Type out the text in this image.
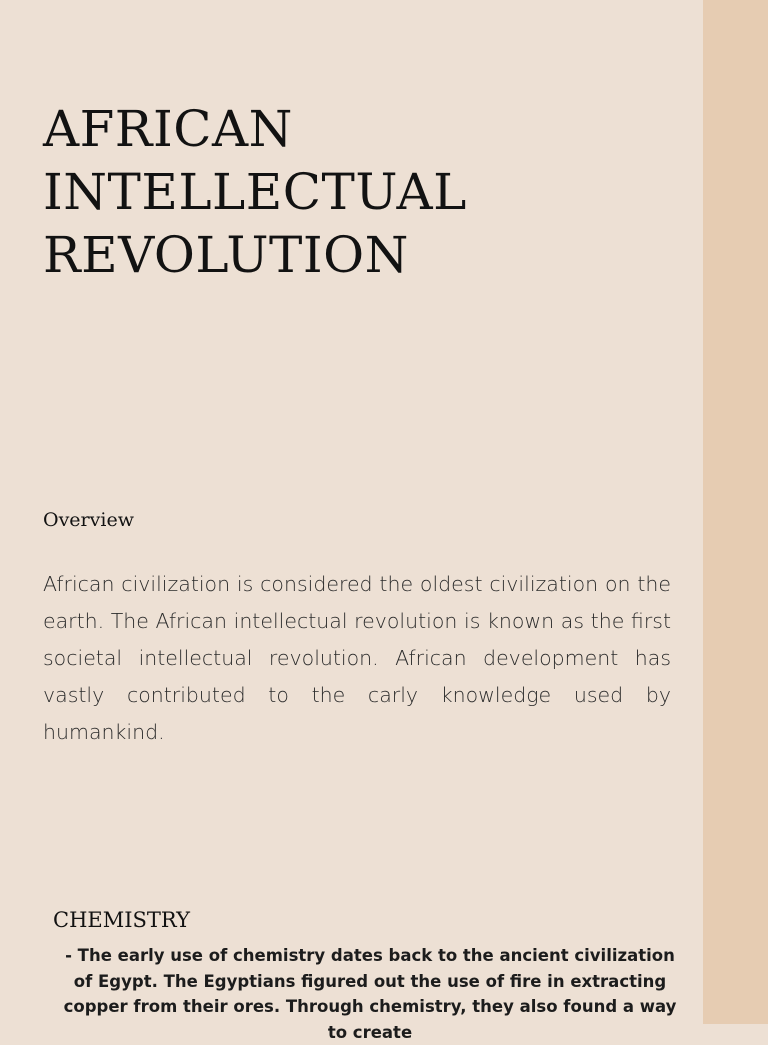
AFRICAN
INTELLECTUAL
REVOLUTION
Overview

African civilization is considered the oldest civilization on the earth. The African intellectual revolution is known as the first societal intellectual revolution. African development has vastly contributed to the carly knowledge used by humankind.

CHEMISTRY

- The early use of chemistry dates back to the ancient civilization of Egypt. The Egyptians figured out the use of fire in extracting copper from their ores. Through chemistry, they also found a way to create
